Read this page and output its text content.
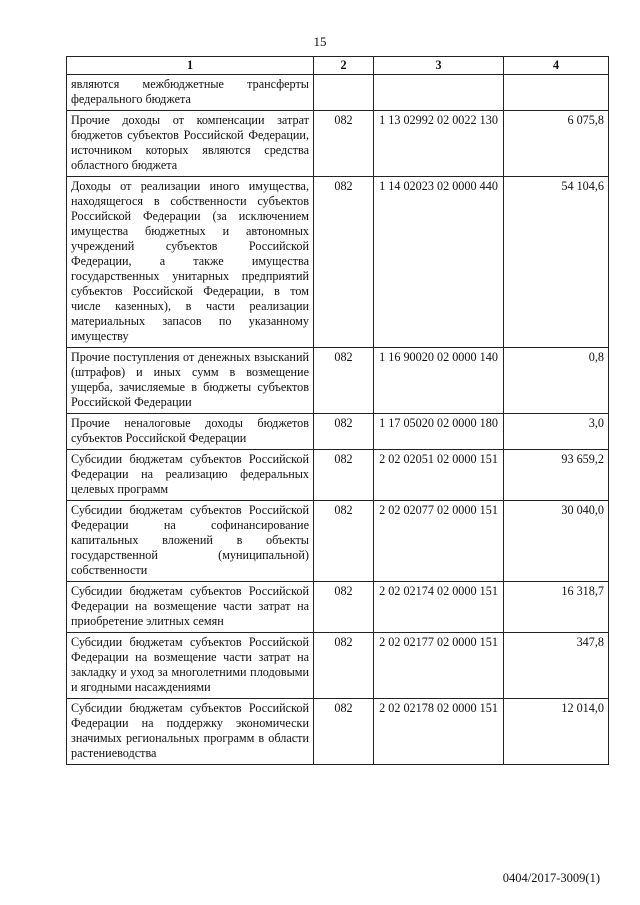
15
1	2	3	4
являются межбюджетные трансферты федерального бюджета			
Прочие доходы от компенсации затрат бюджетов субъектов Российской Федерации, источником которых являются средства областного бюджета	082	1 13 02992 02 0022 130	6 075,8
Доходы от реализации иного имущества, находящегося в собственности субъектов Российской Федерации (за исключением имущества бюджетных и автономных учреждений субъектов Российской Федерации, а также имущества государственных унитарных предприятий субъектов Российской Федерации, в том числе казенных), в части реализации материальных запасов по указанному имуществу	082	1 14 02023 02 0000 440	54 104,6
Прочие поступления от денежных взысканий (штрафов) и иных сумм в возмещение ущерба, зачисляемые в бюджеты субъектов Российской Федерации	082	1 16 90020 02 0000 140	0,8
Прочие неналоговые доходы бюджетов субъектов Российской Федерации	082	1 17 05020 02 0000 180	3,0
Субсидии бюджетам субъектов Российской Федерации на реализацию федеральных целевых программ	082	2 02 02051 02 0000 151	93 659,2
Субсидии бюджетам субъектов Российской Федерации на софинансирование капитальных вложений в объекты государственной (муниципальной) собственности	082	2 02 02077 02 0000 151	30 040,0
Субсидии бюджетам субъектов Российской Федерации на возмещение части затрат на приобретение элитных семян	082	2 02 02174 02 0000 151	16 318,7
Субсидии бюджетам субъектов Российской Федерации на возмещение части затрат на закладку и уход за многолетними плодовыми и ягодными насаждениями	082	2 02 02177 02 0000 151	347,8
Субсидии бюджетам субъектов Российской Федерации на поддержку экономически значимых региональных программ в области растениеводства	082	2 02 02178 02 0000 151	12 014,0
0404/2017-3009(1)
